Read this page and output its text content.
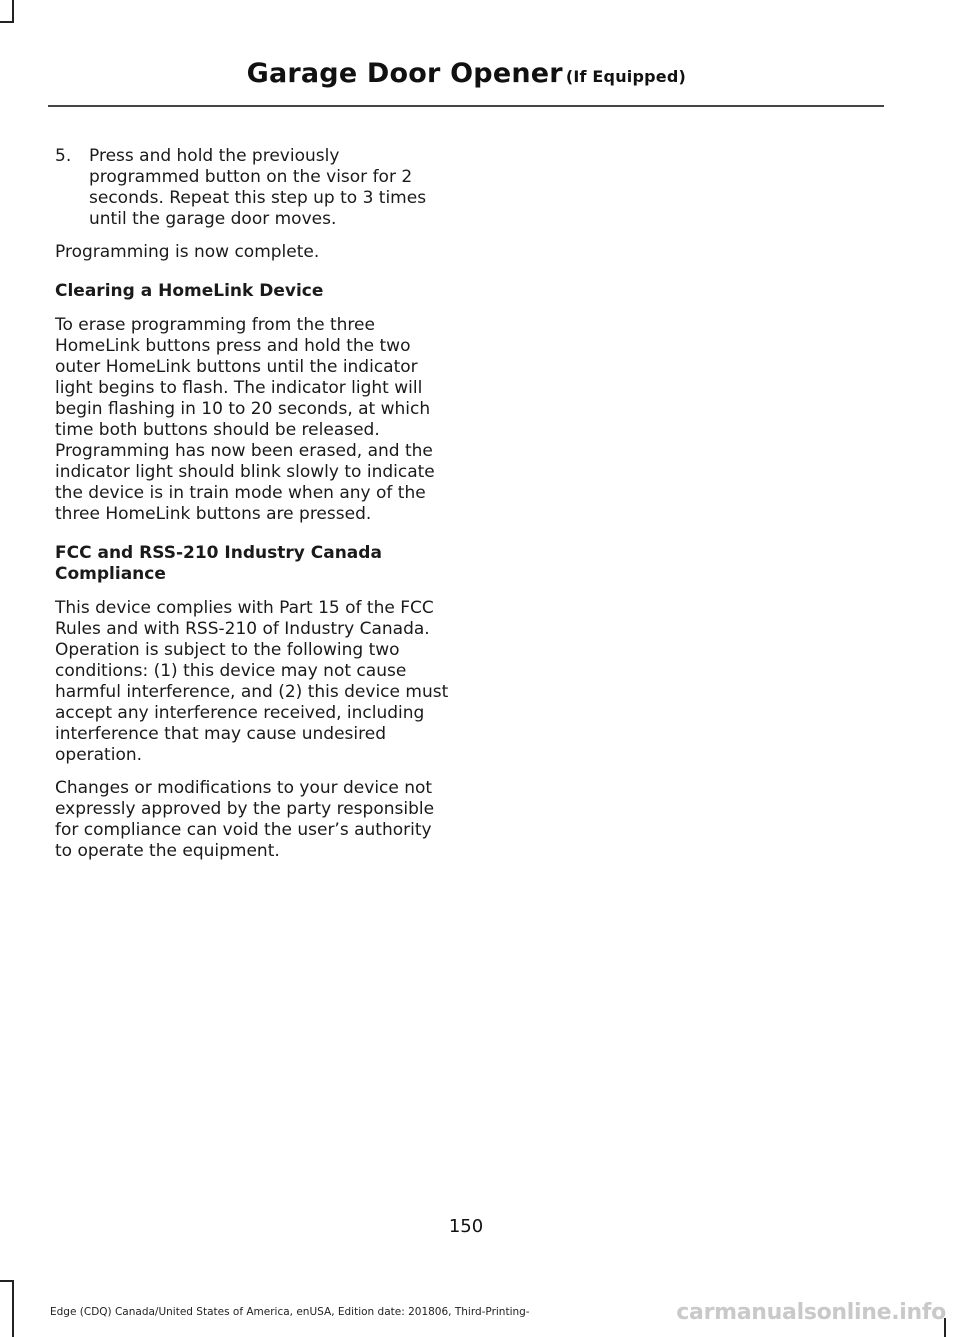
Garage Door Opener (If Equipped)
5.	Press and hold the previously programmed button on the visor for 2 seconds. Repeat this step up to 3 times until the garage door moves.

Programming is now complete.

Clearing a HomeLink Device

To erase programming from the three HomeLink buttons press and hold the two outer HomeLink buttons until the indicator light begins to flash. The indicator light will begin flashing in 10 to 20 seconds, at which time both buttons should be released. Programming has now been erased, and the indicator light should blink slowly to indicate the device is in train mode when any of the three HomeLink buttons are pressed.

FCC and RSS-210 Industry Canada Compliance

This device complies with Part 15 of the FCC Rules and with RSS-210 of Industry Canada. Operation is subject to the following two conditions: (1) this device may not cause harmful interference, and (2) this device must accept any interference received, including interference that may cause undesired operation.

Changes or modifications to your device not expressly approved by the party responsible for compliance can void the user’s authority to operate the equipment.

150
Edge (CDQ) Canada/United States of America, enUSA, Edition date: 201806, Third-Printing-	carmanualsonline.info
